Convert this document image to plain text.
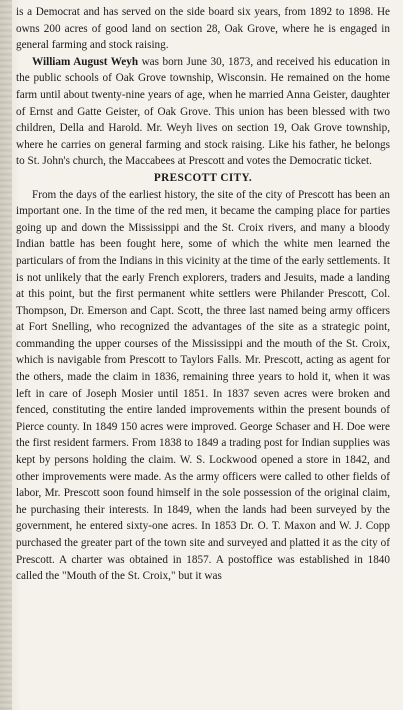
is a Democrat and has served on the side board six years, from 1892 to 1898. He owns 200 acres of good land on section 28, Oak Grove, where he is engaged in general farming and stock raising.

William August Weyh was born June 30, 1873, and received his education in the public schools of Oak Grove township, Wisconsin. He remained on the home farm until about twenty-nine years of age, when he married Anna Geister, daughter of Ernst and Gatte Geister, of Oak Grove. This union has been blessed with two children, Della and Harold. Mr. Weyh lives on section 19, Oak Grove township, where he carries on general farming and stock raising. Like his father, he belongs to St. John's church, the Maccabees at Prescott and votes the Democratic ticket.

PRESCOTT CITY.

From the days of the earliest history, the site of the city of Prescott has been an important one. In the time of the red men, it became the camping place for parties going up and down the Mississippi and the St. Croix rivers, and many a bloody Indian battle has been fought here, some of which the white men learned the particulars of from the Indians in this vicinity at the time of the early settlements. It is not unlikely that the early French explorers, traders and Jesuits, made a landing at this point, but the first permanent white settlers were Philander Prescott, Col. Thompson, Dr. Emerson and Capt. Scott, the three last named being army officers at Fort Snelling, who recognized the advantages of the site as a strategic point, commanding the upper courses of the Mississippi and the mouth of the St. Croix, which is navigable from Prescott to Taylors Falls. Mr. Prescott, acting as agent for the others, made the claim in 1836, remaining three years to hold it, when it was left in care of Joseph Mosier until 1851. In 1837 seven acres were broken and fenced, constituting the entire landed improvements within the present bounds of Pierce county. In 1849 150 acres were improved. George Schaser and H. Doe were the first resident farmers. From 1838 to 1849 a trading post for Indian supplies was kept by persons holding the claim. W. S. Lockwood opened a store in 1842, and other improvements were made. As the army officers were called to other fields of labor, Mr. Prescott soon found himself in the sole possession of the original claim, he purchasing their interests. In 1849, when the lands had been surveyed by the government, he entered sixty-one acres. In 1853 Dr. O. T. Maxon and W. J. Copp purchased the greater part of the town site and surveyed and platted it as the city of Prescott. A charter was obtained in 1857. A postoffice was established in 1840 called the "Mouth of the St. Croix," but it was
